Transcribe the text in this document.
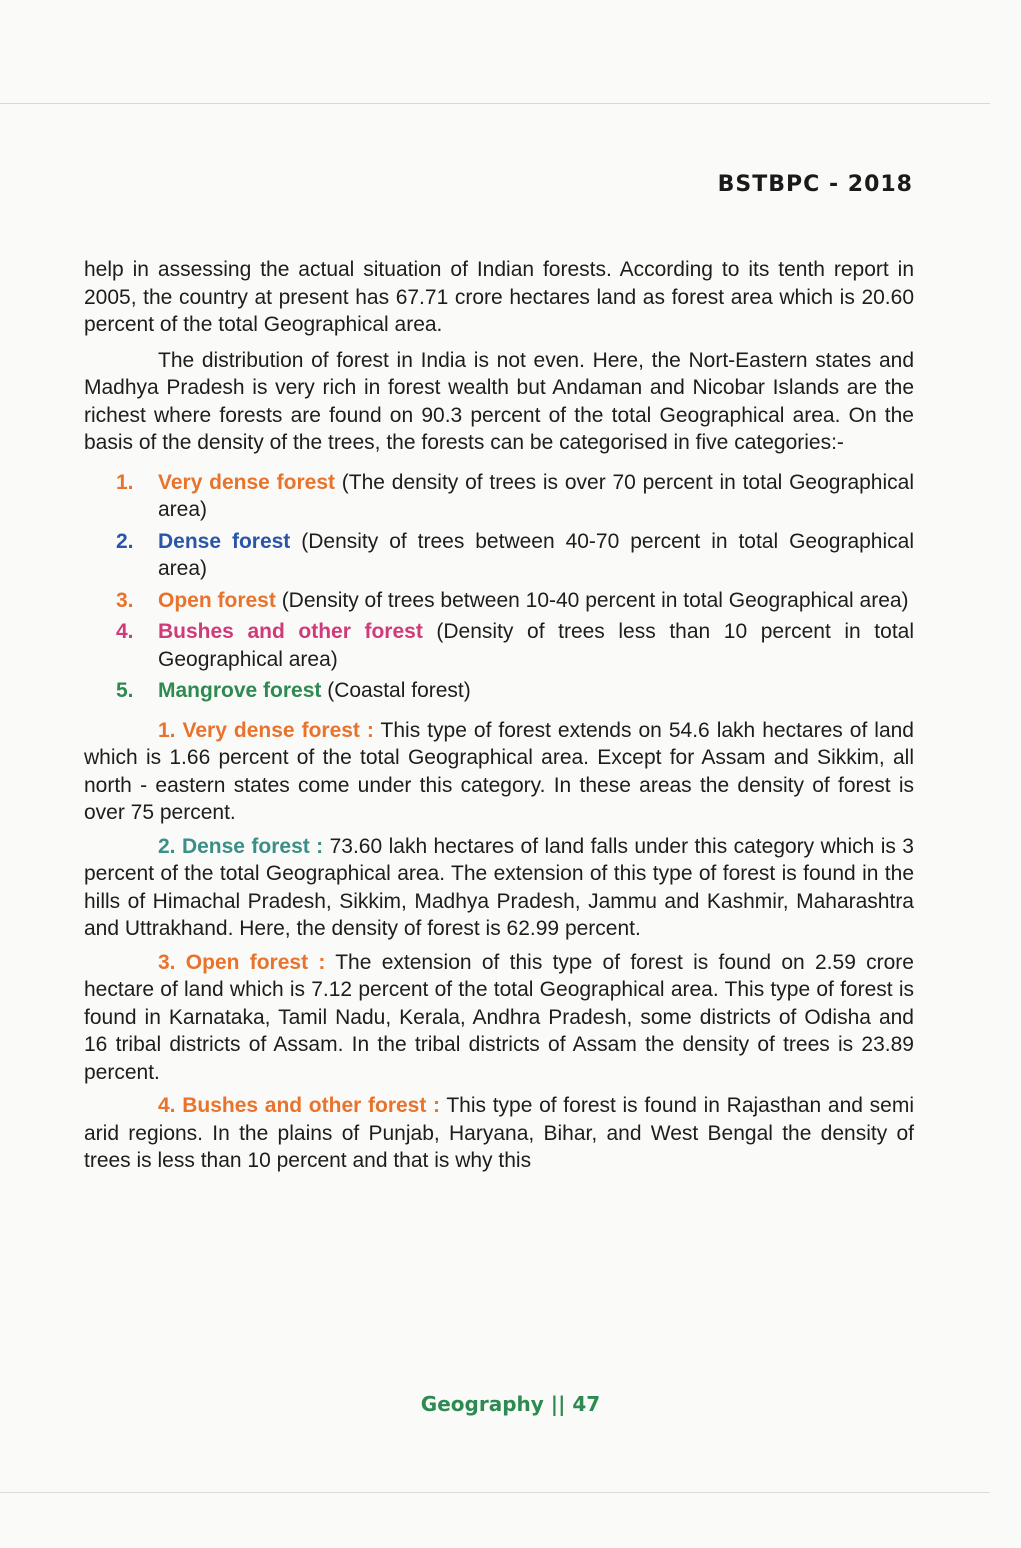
BSTBPC - 2018

help in assessing the actual situation of Indian forests. According to its tenth report in 2005, the country at present has 67.71 crore hectares land as forest area which is 20.60 percent of the total Geographical area.

The distribution of forest in India is not even. Here, the Nort-Eastern states and Madhya Pradesh is very rich in forest wealth but Andaman and Nicobar Islands are the richest where forests are found on 90.3 percent of the total Geographical area. On the basis of the density of the trees, the forests can be categorised in five categories:-

1. Very dense forest (The density of trees is over 70 percent in total Geographical area)
2. Dense forest (Density of trees between 40-70 percent in total Geographical area)
3. Open forest (Density of trees between 10-40 percent in total Geographical area)
4. Bushes and other forest (Density of trees less than 10 percent in total Geographical area)
5. Mangrove forest (Coastal forest)

1. Very dense forest : This type of forest extends on 54.6 lakh hectares of land which is 1.66 percent of the total Geographical area. Except for Assam and Sikkim, all north - eastern states come under this category. In these areas the density of forest is over 75 percent.

2. Dense forest : 73.60 lakh hectares of land falls under this category which is 3 percent of the total Geographical area. The extension of this type of forest is found in the hills of Himachal Pradesh, Sikkim, Madhya Pradesh, Jammu and Kashmir, Maharashtra and Uttrakhand. Here, the density of forest is 62.99 percent.

3. Open forest : The extension of this type of forest is found on 2.59 crore hectare of land which is 7.12 percent of the total Geographical area. This type of forest is found in Karnataka, Tamil Nadu, Kerala, Andhra Pradesh, some districts of Odisha and 16 tribal districts of Assam. In the tribal districts of Assam the density of trees is 23.89 percent.

4. Bushes and other forest : This type of forest is found in Rajasthan and semi arid regions. In the plains of Punjab, Haryana, Bihar, and West Bengal the density of trees is less than 10 percent and that is why this

Geography || 47
